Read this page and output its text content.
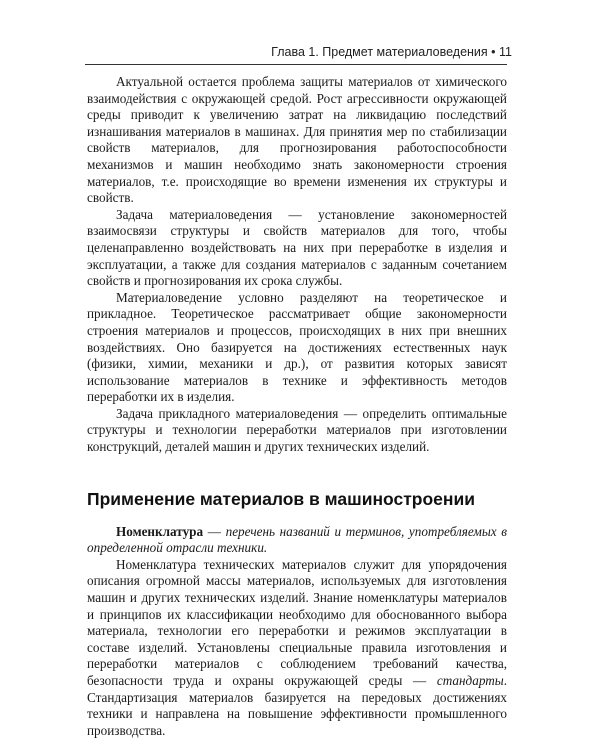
Глава 1. Предмет материаловедения • 11

Актуальной остается проблема защиты материалов от химического взаимодействия с окружающей средой. Рост агрессивности окружающей среды приводит к увеличению затрат на ликвидацию последствий изнашивания материалов в машинах. Для принятия мер по стабилизации свойств материалов, для прогнозирования работоспособности механизмов и машин необходимо знать закономерности строения материалов, т.е. происходящие во времени изменения их структуры и свойств.

Задача материаловедения — установление закономерностей взаимосвязи структуры и свойств материалов для того, чтобы целенаправленно воздействовать на них при переработке в изделия и эксплуатации, а также для создания материалов с заданным сочетанием свойств и прогнозирования их срока службы.

Материаловедение условно разделяют на теоретическое и прикладное. Теоретическое рассматривает общие закономерности строения материалов и процессов, происходящих в них при внешних воздействиях. Оно базируется на достижениях естественных наук (физики, химии, механики и др.), от развития которых зависят использование материалов в технике и эффективность методов переработки их в изделия.

Задача прикладного материаловедения — определить оптимальные структуры и технологии переработки материалов при изготовлении конструкций, деталей машин и других технических изделий.

Применение материалов в машиностроении

Номенклатура — перечень названий и терминов, употребляемых в определенной отрасли техники.

Номенклатура технических материалов служит для упорядочения описания огромной массы материалов, используемых для изготовления машин и других технических изделий. Знание номенклатуры материалов и принципов их классификации необходимо для обоснованного выбора материала, технологии его переработки и режимов эксплуатации в составе изделий. Установлены специальные правила изготовления и переработки материалов с соблюдением требований качества, безопасности труда и охраны окружающей среды — стандарты. Стандартизация материалов базируется на передовых достижениях техники и направлена на повышение эффективности промышленного производства.
